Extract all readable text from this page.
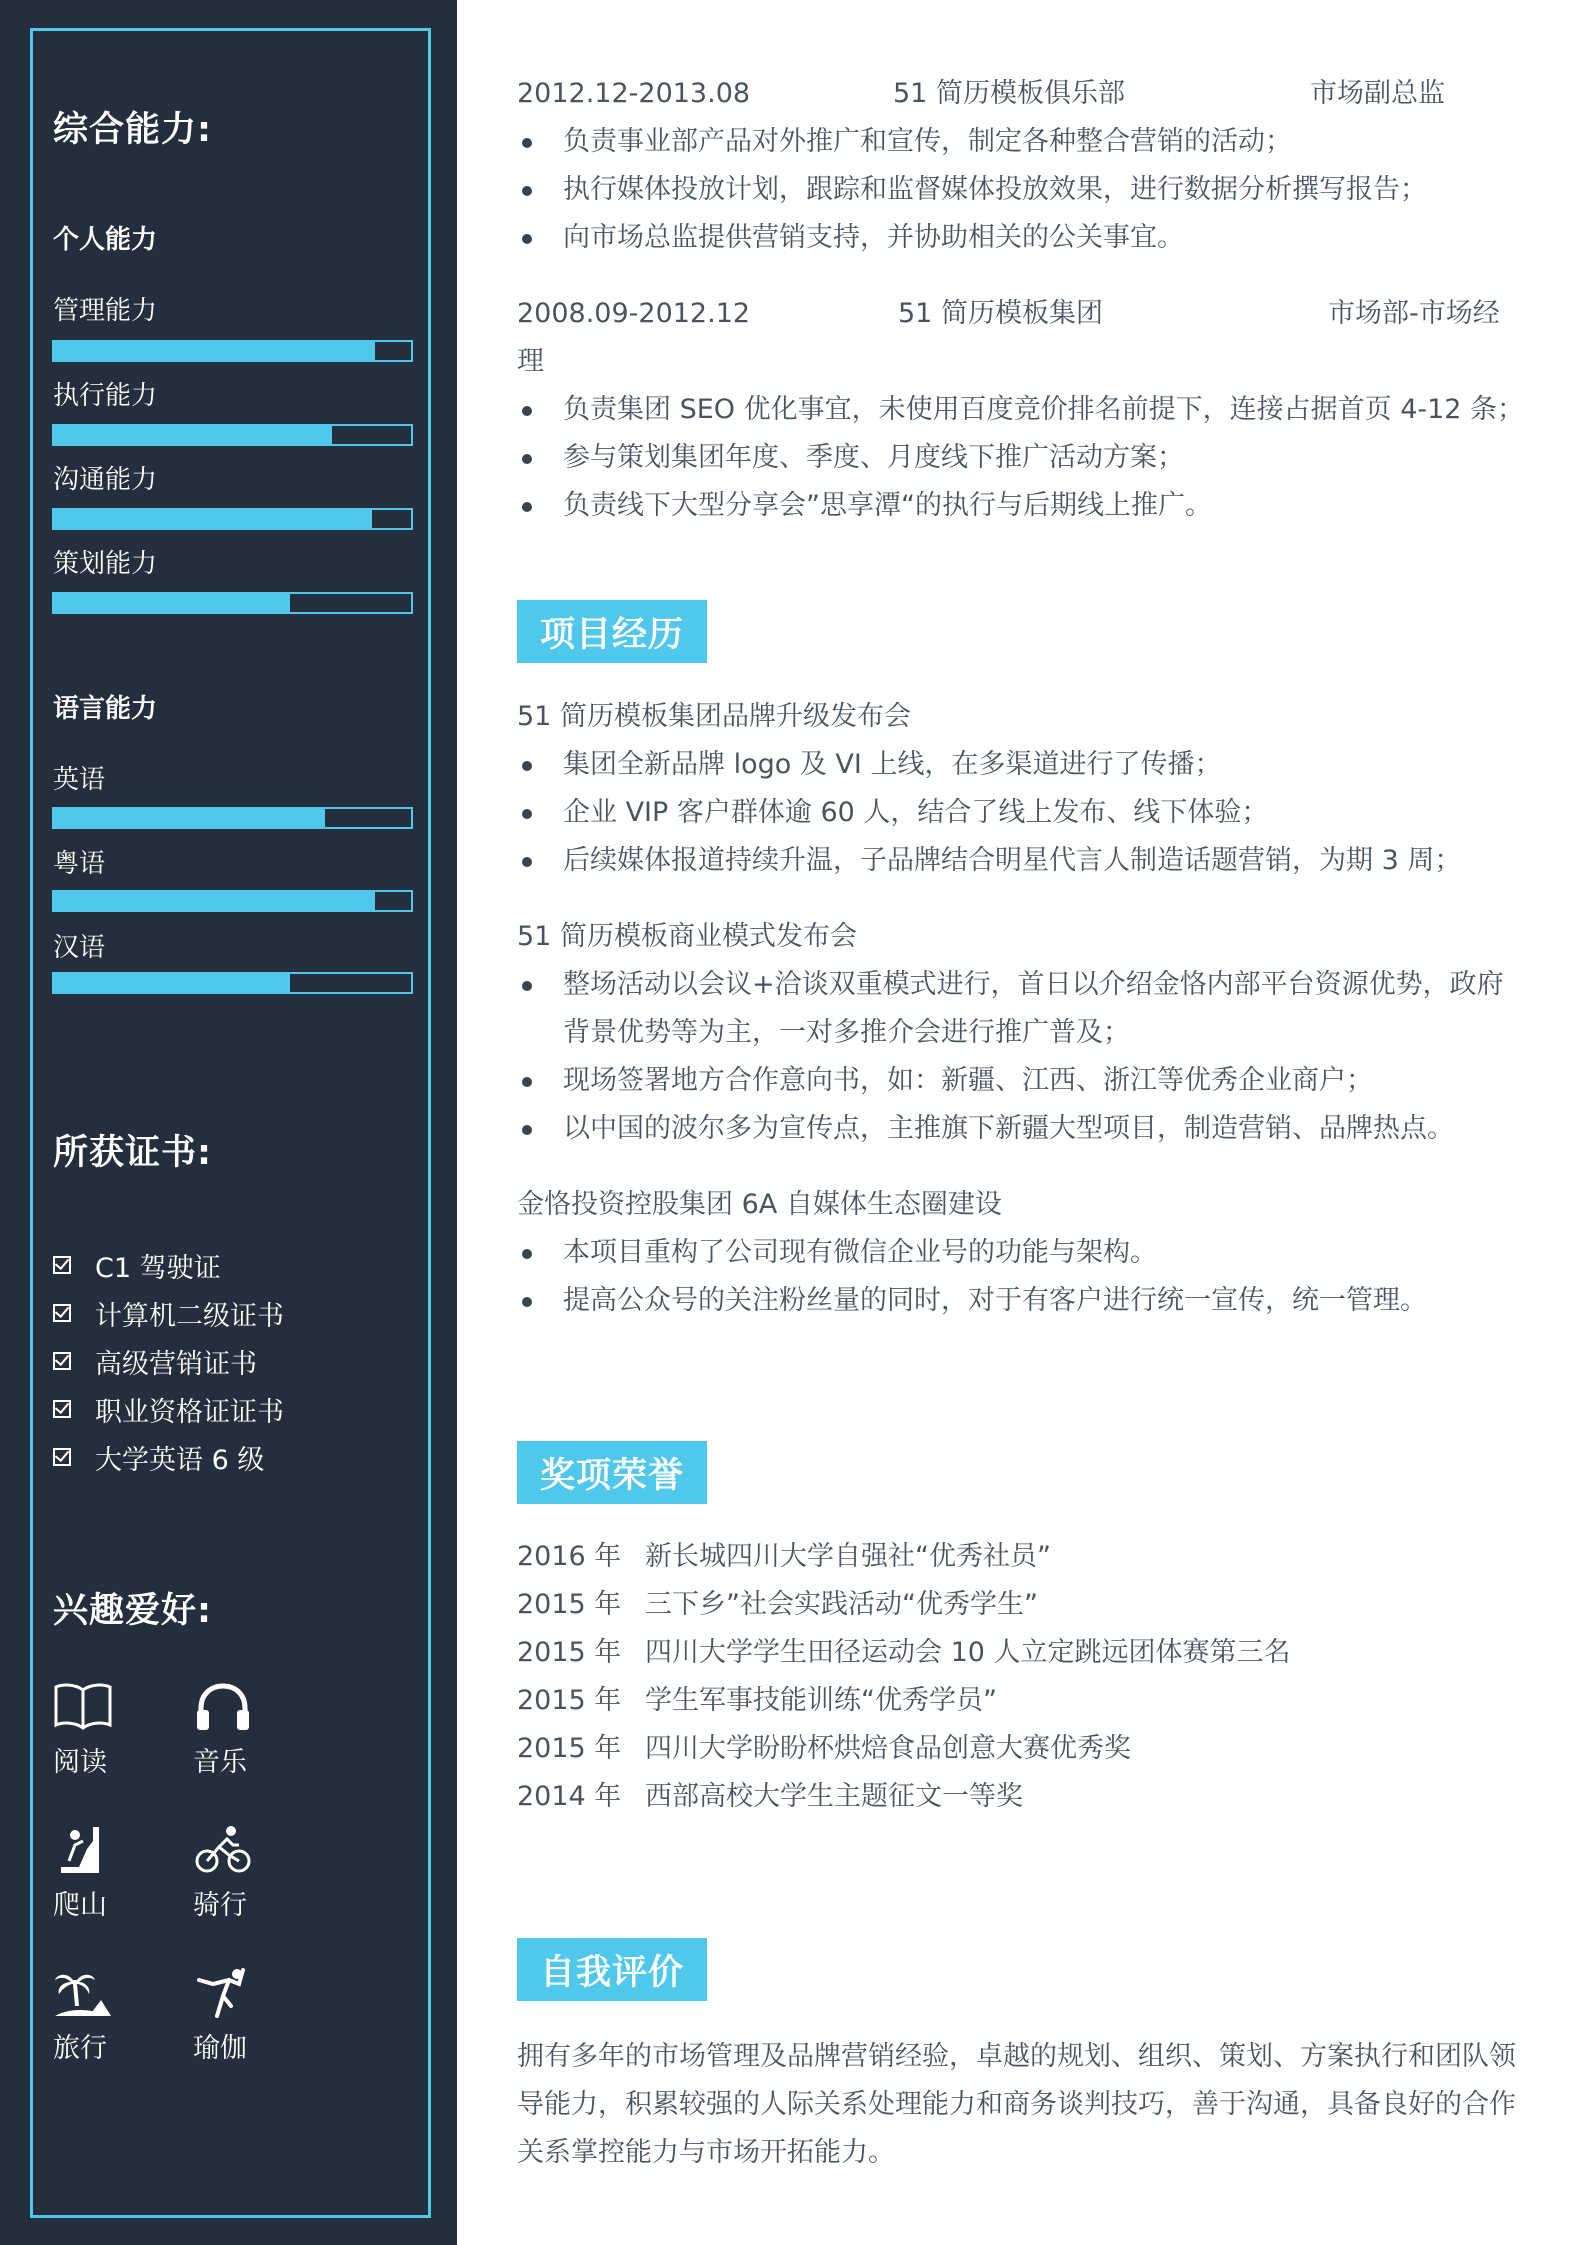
综合能力:
个人能力
管理能力
执行能力
沟通能力
策划能力
语言能力
英语
粤语
汉语
所获证书:
C1 驾驶证
计算机二级证书
高级营销证书
职业资格证证书
大学英语 6 级
兴趣爱好:
阅读	音乐
爬山	骑行
旅行	瑜伽
2012.12-2013.08	51 简历模板俱乐部	市场副总监
负责事业部产品对外推广和宣传，制定各种整合营销的活动；
执行媒体投放计划，跟踪和监督媒体投放效果，进行数据分析撰写报告；
向市场总监提供营销支持，并协助相关的公关事宜。
2008.09-2012.12	51 简历模板集团	市场部-市场经
理
负责集团 SEO 优化事宜，未使用百度竞价排名前提下，连接占据首页 4-12 条；
参与策划集团年度、季度、月度线下推广活动方案；
负责线下大型分享会”思享潭“的执行与后期线上推广。
项目经历
51 简历模板集团品牌升级发布会
集团全新品牌 logo 及 VI 上线，在多渠道进行了传播；
企业 VIP 客户群体逾 60 人，结合了线上发布、线下体验；
后续媒体报道持续升温，子品牌结合明星代言人制造话题营销，为期 3 周；
51 简历模板商业模式发布会
整场活动以会议+洽谈双重模式进行，首日以介绍金恪内部平台资源优势，政府背景优势等为主，一对多推介会进行推广普及；
现场签署地方合作意向书，如：新疆、江西、浙江等优秀企业商户；
以中国的波尔多为宣传点，主推旗下新疆大型项目，制造营销、品牌热点。
金恪投资控股集团 6A 自媒体生态圈建设
本项目重构了公司现有微信企业号的功能与架构。
提高公众号的关注粉丝量的同时，对于有客户进行统一宣传，统一管理。
奖项荣誉
2016 年 新长城四川大学自强社“优秀社员”
2015 年 三下乡”社会实践活动“优秀学生”
2015 年 四川大学学生田径运动会 10 人立定跳远团体赛第三名
2015 年 学生军事技能训练“优秀学员”
2015 年 四川大学盼盼杯烘焙食品创意大赛优秀奖
2014 年 西部高校大学生主题征文一等奖
自我评价
拥有多年的市场管理及品牌营销经验，卓越的规划、组织、策划、方案执行和团队领导能力，积累较强的人际关系处理能力和商务谈判技巧，善于沟通，具备良好的合作关系掌控能力与市场开拓能力。
